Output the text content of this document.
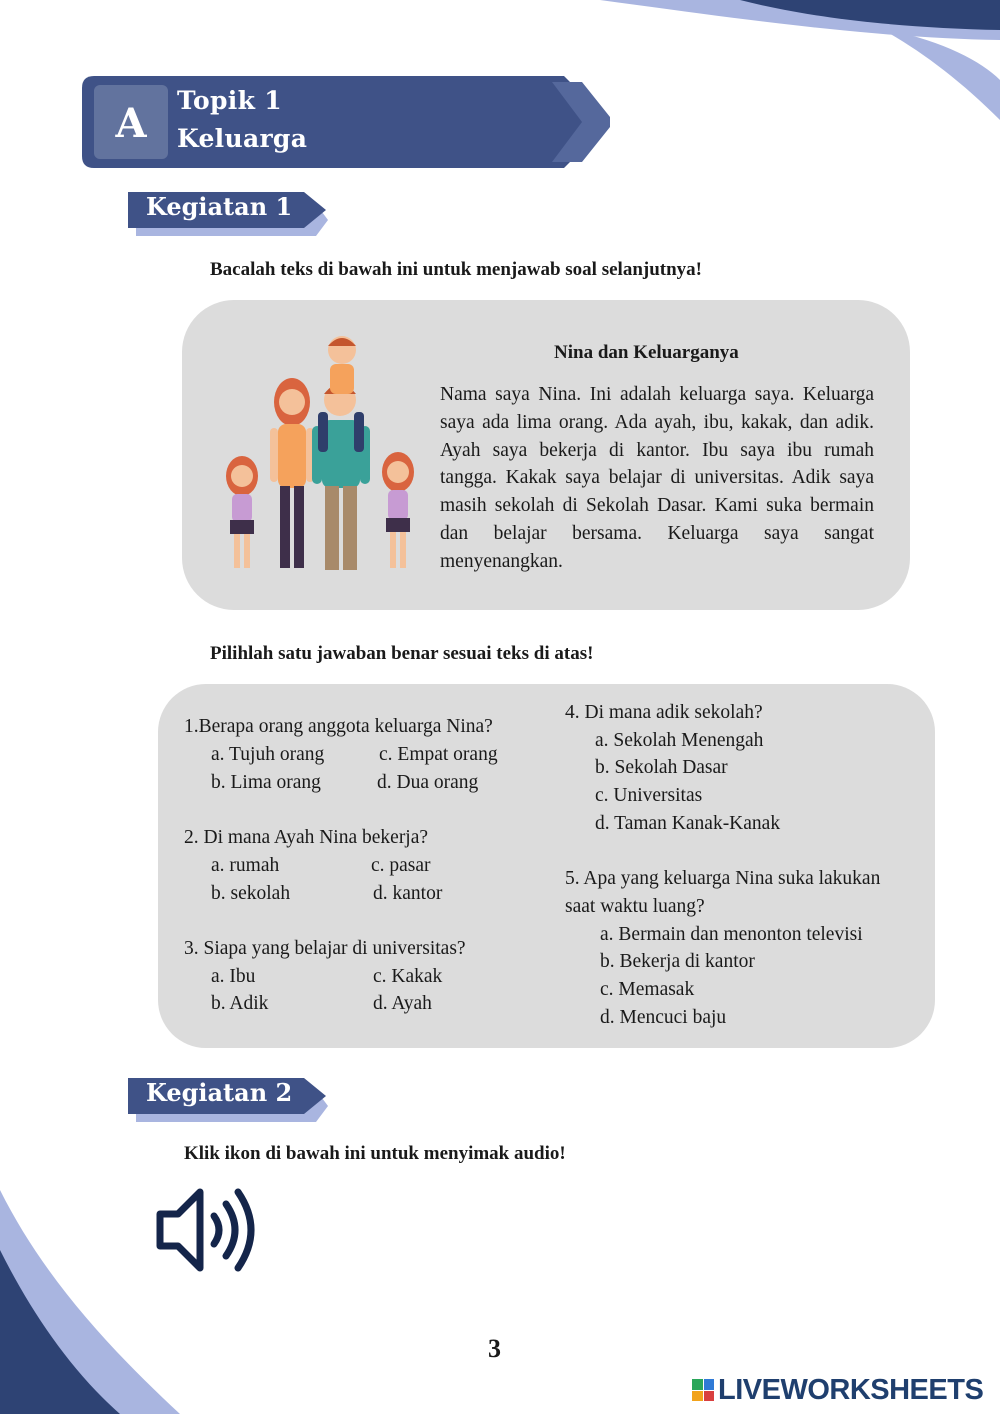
A	Topik 1
Keluarga
Kegiatan 1
Bacalah teks di bawah ini untuk menjawab soal selanjutnya!
Nina dan Keluarganya
Nama saya Nina. Ini adalah keluarga saya. Keluarga saya ada lima orang. Ada ayah, ibu, kakak, dan adik. Ayah saya bekerja di kantor. Ibu saya ibu rumah tangga. Kakak saya belajar di universitas. Adik saya masih sekolah di Sekolah Dasar. Kami suka bermain dan belajar bersama. Keluarga saya sangat menyenangkan.
Pilihlah satu jawaban benar sesuai teks di atas!
1.Berapa orang anggota keluarga Nina?
a. Tujuh orang	c. Empat orang
b. Lima orang	d. Dua orang
2. Di mana Ayah Nina bekerja?
a. rumah	c. pasar
b. sekolah	d. kantor
3. Siapa yang belajar di universitas?
a. Ibu	c. Kakak
b. Adik	d. Ayah
4. Di mana adik sekolah?
a. Sekolah Menengah
b. Sekolah Dasar
c. Universitas
d. Taman Kanak-Kanak
5. Apa yang keluarga Nina suka lakukan
saat waktu luang?
a. Bermain dan menonton televisi
b. Bekerja di kantor
c. Memasak
d. Mencuci baju
Kegiatan 2
Klik ikon di bawah ini untuk menyimak audio!
3
LIVEWORKSHEETS
